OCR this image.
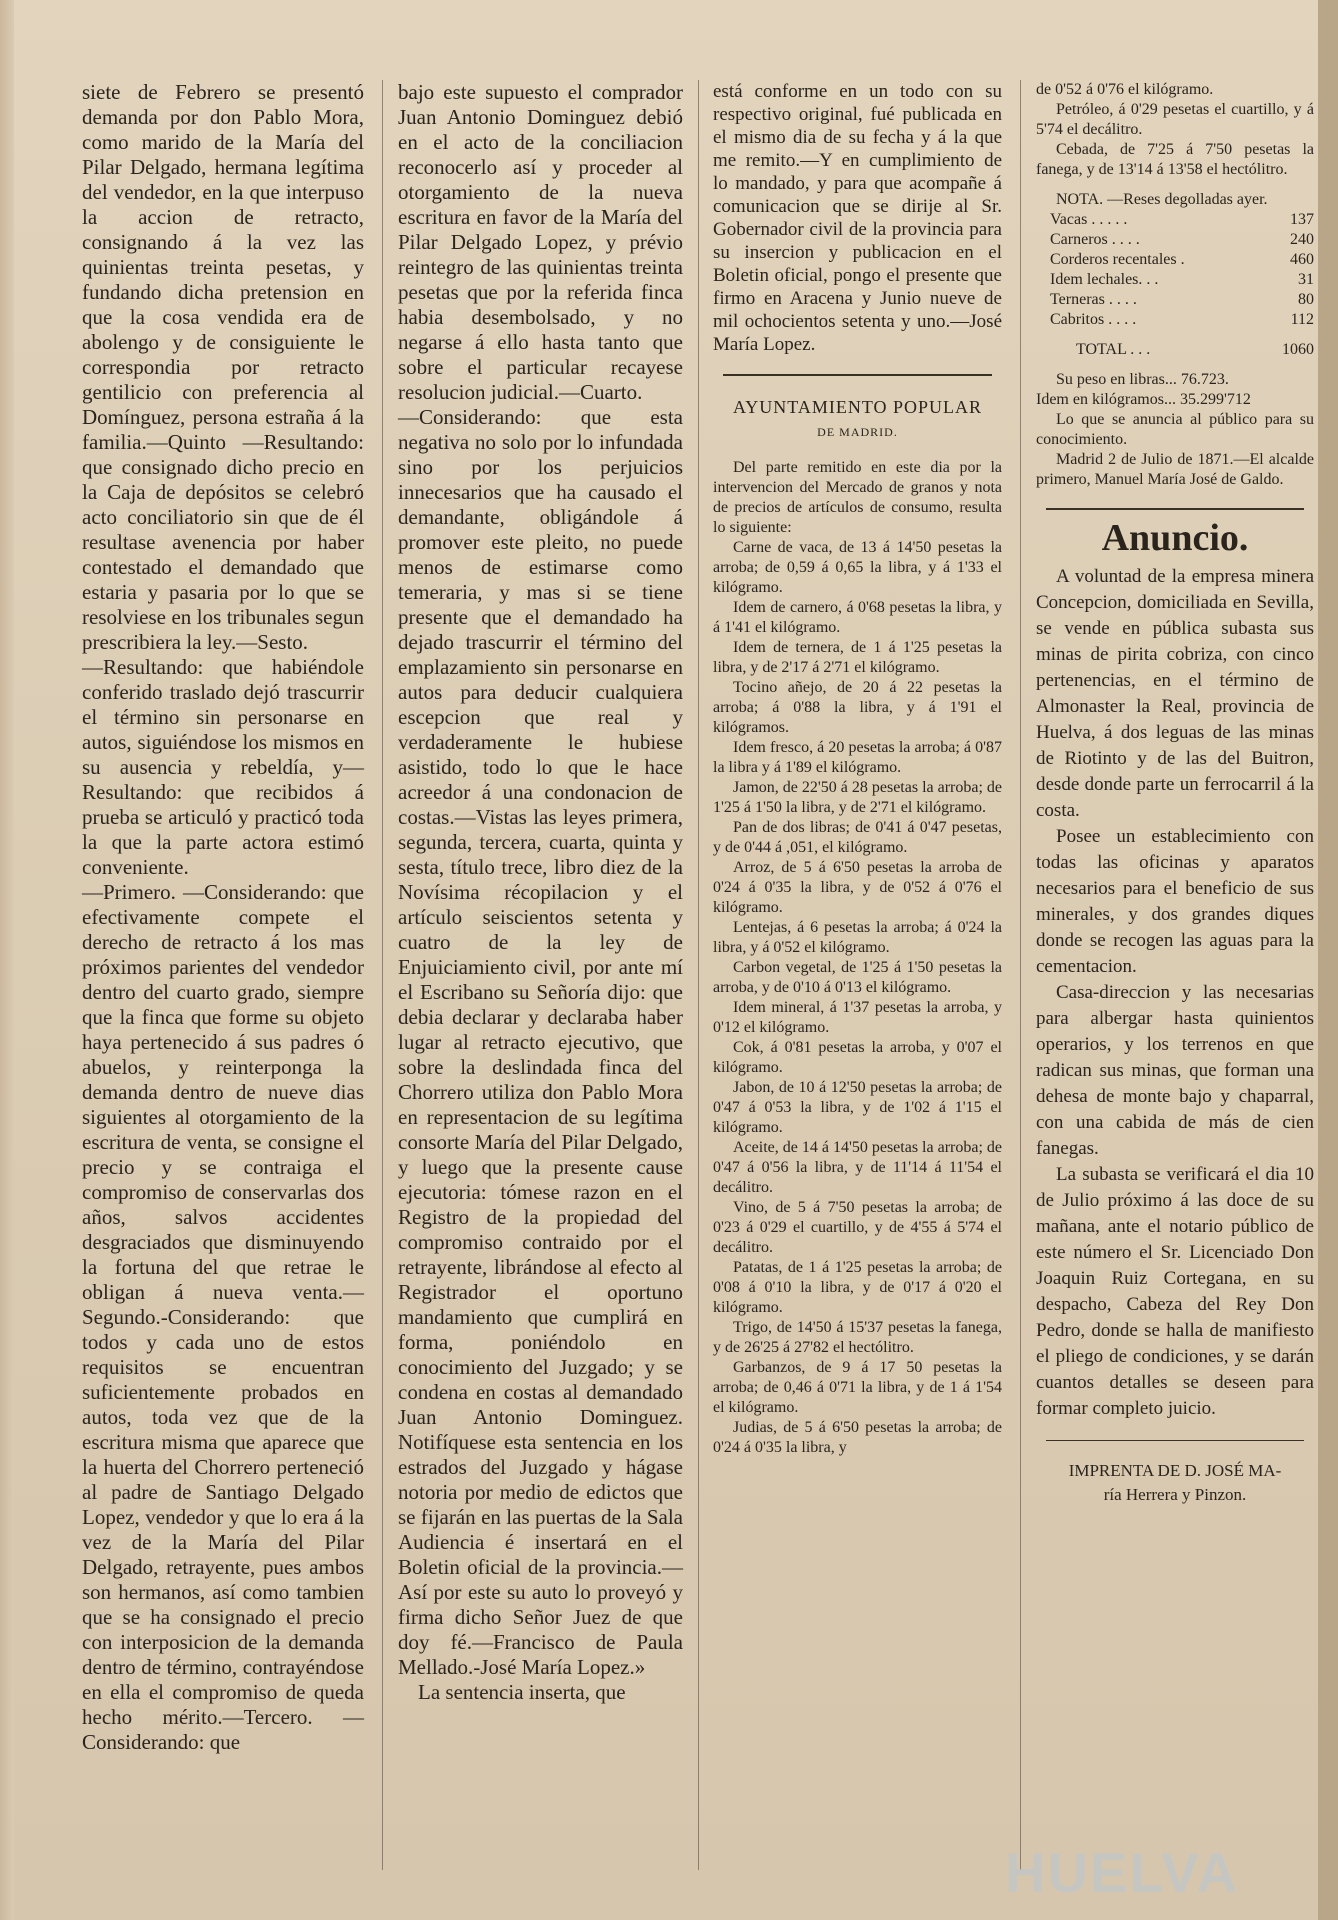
siete de Febrero se presentó demanda por don Pablo Mora, como marido de la María del Pilar Delgado, hermana legítima del vendedor, en la que interpuso la accion de retracto, consignando á la vez las quinientas treinta pesetas, y fundando dicha pretension en que la cosa vendida era de abolengo y de consiguiente le correspondia por retracto gentilicio con preferencia al Domínguez, persona estraña á la familia.—Quinto —Resultando: que consignado dicho precio en la Caja de depósitos se celebró acto conciliatorio sin que de él resultase avenencia por haber contestado el demandado que estaria y pasaria por lo que se resolviese en los tribunales segun prescribiera la ley.—Sesto.

—Resultando: que habiéndole conferido traslado dejó trascurrir el término sin personarse en autos, siguiéndose los mismos en su ausencia y rebeldía, y—Resultando: que recibidos á prueba se articuló y practicó toda la que la parte actora estimó conveniente.

—Primero. —Considerando: que efectivamente compete el derecho de retracto á los mas próximos parientes del vendedor dentro del cuarto grado, siempre que la finca que forme su objeto haya pertenecido á sus padres ó abuelos, y reinterponga la demanda dentro de nueve dias siguientes al otorgamiento de la escritura de venta, se consigne el precio y se contraiga el compromiso de conservarlas dos años, salvos accidentes desgraciados que disminuyendo la fortuna del que retrae le obligan á nueva venta.—Segundo.-Considerando: que todos y cada uno de estos requisitos se encuentran suficientemente probados en autos, toda vez que de la escritura misma que aparece que la huerta del Chorrero perteneció al padre de Santiago Delgado Lopez, vendedor y que lo era á la vez de la María del Pilar Delgado, retrayente, pues ambos son hermanos, así como tambien que se ha consignado el precio con interposicion de la demanda dentro de término, contrayéndose en ella el compromiso de queda hecho mérito.—Tercero. —Considerando: que

bajo este supuesto el comprador Juan Antonio Dominguez debió en el acto de la conciliacion reconocerlo así y proceder al otorgamiento de la nueva escritura en favor de la María del Pilar Delgado Lopez, y prévio reintegro de las quinientas treinta pesetas que por la referida finca habia desembolsado, y no negarse á ello hasta tanto que sobre el particular recayese resolucion judicial.—Cuarto.

—Considerando: que esta negativa no solo por lo infundada sino por los perjuicios innecesarios que ha causado el demandante, obligándole á promover este pleito, no puede menos de estimarse como temeraria, y mas si se tiene presente que el demandado ha dejado trascurrir el término del emplazamiento sin personarse en autos para deducir cualquiera escepcion que real y verdaderamente le hubiese asistido, todo lo que le hace acreedor á una condonacion de costas.—Vistas las leyes primera, segunda, tercera, cuarta, quinta y sesta, título trece, libro diez de la Novísima récopilacion y el artículo seiscientos setenta y cuatro de la ley de Enjuiciamiento civil, por ante mí el Escribano su Señoría dijo: que debia declarar y declaraba haber lugar al retracto ejecutivo, que sobre la deslindada finca del Chorrero utiliza don Pablo Mora en representacion de su legítima consorte María del Pilar Delgado, y luego que la presente cause ejecutoria: tómese razon en el Registro de la propiedad del compromiso contraido por el retrayente, librándose al efecto al Registrador el oportuno mandamiento que cumplirá en forma, poniéndolo en conocimiento del Juzgado; y se condena en costas al demandado Juan Antonio Dominguez. Notifíquese esta sentencia en los estrados del Juzgado y hágase notoria por medio de edictos que se fijarán en las puertas de la Sala Audiencia é insertará en el Boletin oficial de la provincia.—Así por este su auto lo proveyó y firma dicho Señor Juez de que doy fé.—Francisco de Paula Mellado.-José María Lopez.»

La sentencia inserta, que

está conforme en un todo con su respectivo original, fué publicada en el mismo dia de su fecha y á la que me remito.—Y en cumplimiento de lo mandado, y para que acompañe á comunicacion que se dirije al Sr. Gobernador civil de la provincia para su insercion y publicacion en el Boletin oficial, pongo el presente que firmo en Aracena y Junio nueve de mil ochocientos setenta y uno.—José María Lopez.

AYUNTAMIENTO POPULAR
DE MADRID.

Del parte remitido en este dia por la intervencion del Mercado de granos y nota de precios de artículos de consumo, resulta lo siguiente:

Carne de vaca, de 13 á 14'50 pesetas la arroba; de 0,59 á 0,65 la libra, y á 1'33 el kilógramo.

Idem de carnero, á 0'68 pesetas la libra, y á 1'41 el kilógramo.

Idem de ternera, de 1 á 1'25 pesetas la libra, y de 2'17 á 2'71 el kilógramo.

Tocino añejo, de 20 á 22 pesetas la arroba; á 0'88 la libra, y á 1'91 el kilógramos.

Idem fresco, á 20 pesetas la arroba; á 0'87 la libra y á 1'89 el kilógramo.

Jamon, de 22'50 á 28 pesetas la arroba; de 1'25 á 1'50 la libra, y de 2'71 el kilógramo.

Pan de dos libras; de 0'41 á 0'47 pesetas, y de 0'44 á ,051, el kilógramo.

Arroz, de 5 á 6'50 pesetas la arroba de 0'24 á 0'35 la libra, y de 0'52 á 0'76 el kilógramo.

Lentejas, á 6 pesetas la arroba; á 0'24 la libra, y á 0'52 el kilógramo.

Carbon vegetal, de 1'25 á 1'50 pesetas la arroba, y de 0'10 á 0'13 el kilógramo.

Idem mineral, á 1'37 pesetas la arroba, y 0'12 el kilógramo.

Cok, á 0'81 pesetas la arroba, y 0'07 el kilógramo.

Jabon, de 10 á 12'50 pesetas la arroba; de 0'47 á 0'53 la libra, y de 1'02 á 1'15 el kilógramo.

Aceite, de 14 á 14'50 pesetas la arroba; de 0'47 á 0'56 la libra, y de 11'14 á 11'54 el decálitro.

Vino, de 5 á 7'50 pesetas la arroba; de 0'23 á 0'29 el cuartillo, y de 4'55 á 5'74 el decálitro.

Patatas, de 1 á 1'25 pesetas la arroba; de 0'08 á 0'10 la libra, y de 0'17 á 0'20 el kilógramo.

Trigo, de 14'50 á 15'37 pesetas la fanega, y de 26'25 á 27'82 el hectólitro.

Garbanzos, de 9 á 17 50 pesetas la arroba; de 0,46 á 0'71 la libra, y de 1 á 1'54 el kilógramo.

Judias, de 5 á 6'50 pesetas la arroba; de 0'24 á 0'35 la libra, y

de 0'52 á 0'76 el kilógramo.

Petróleo, á 0'29 pesetas el cuartillo, y á 5'74 el decálitro.

Cebada, de 7'25 á 7'50 pesetas la fanega, y de 13'14 á 13'58 el hectólitro.

NOTA. —Reses degolladas ayer.
Vacas . . . . .	137
Carneros . . . .	240
Corderos recentales .	460
Idem lechales. . .	31
Terneras . . . .	80
Cabritos . . . .	112
TOTAL . . .	1060

Su peso en libras... 76.723.

Idem en kilógramos... 35.299'712

Lo que se anuncia al público para su conocimiento.

Madrid 2 de Julio de 1871.—El alcalde primero, Manuel María José de Galdo.

Anuncio.

A voluntad de la empresa minera Concepcion, domiciliada en Sevilla, se vende en pública subasta sus minas de pirita cobriza, con cinco pertenencias, en el término de Almonaster la Real, provincia de Huelva, á dos leguas de las minas de Riotinto y de las del Buitron, desde donde parte un ferrocarril á la costa.

Posee un establecimiento con todas las oficinas y aparatos necesarios para el beneficio de sus minerales, y dos grandes diques donde se recogen las aguas para la cementacion.

Casa-direccion y las necesarias para albergar hasta quinientos operarios, y los terrenos en que radican sus minas, que forman una dehesa de monte bajo y chaparral, con una cabida de más de cien fanegas.

La subasta se verificará el dia 10 de Julio próximo á las doce de su mañana, ante el notario público de este número el Sr. Licenciado Don Joaquin Ruiz Cortegana, en su despacho, Cabeza del Rey Don Pedro, donde se halla de manifiesto el pliego de condiciones, y se darán cuantos detalles se deseen para formar completo juicio.

IMPRENTA DE D. JOSÉ MA-
ría Herrera y Pinzon.
HUELVA
